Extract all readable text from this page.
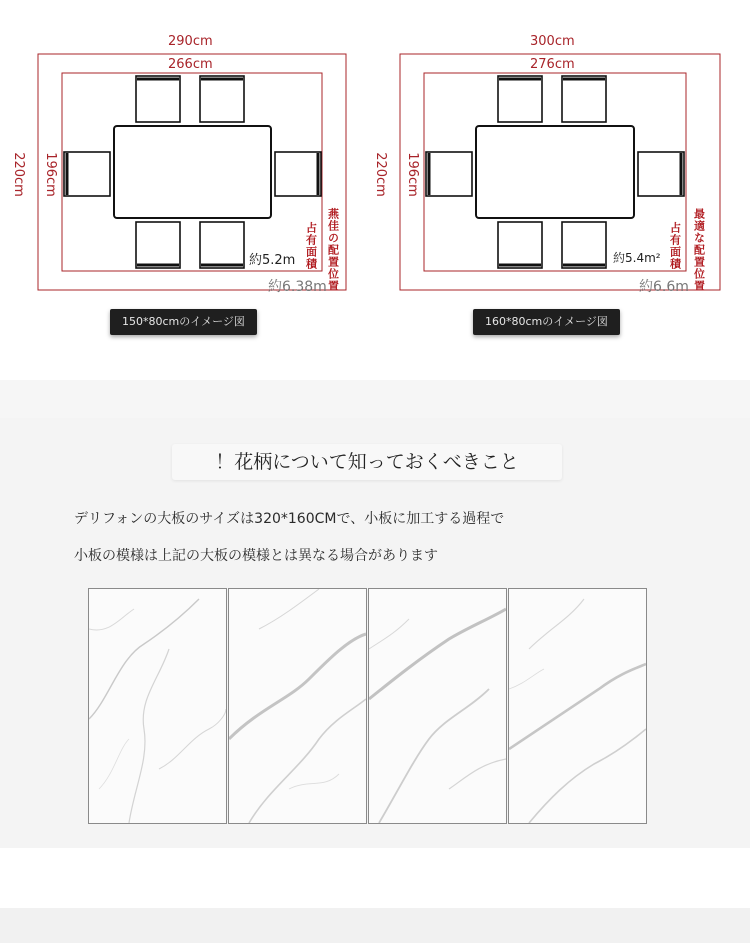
290cm
266cm
220cm 196cm
約5.2m
約6.38m
占有面積 燕佳の配置位置
150*80cmのイメージ図
300cm
276cm
220cm 196cm
約5.4m²
約6.6m
占有面積 最適な配置位置
160*80cmのイメージ図
！花柄について知っておくべきこと
デリフォンの大板のサイズは320*160CMで、小板に加工する過程で
小板の模様は上記の大板の模様とは異なる場合があります
